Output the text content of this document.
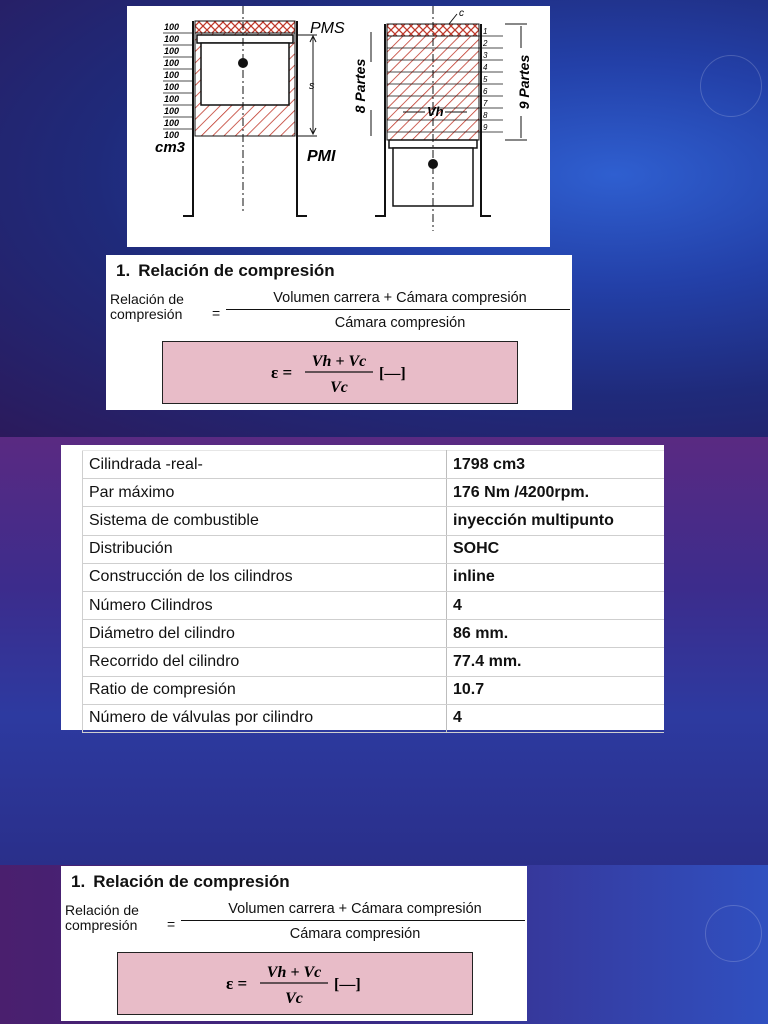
100
100
100
100
100
100
100
100
100
100
s
PMS
PMI
cm3
8 Partes	Vh
c
1
2
3
4
5
6
7
8
9
9 Partes
1. Relación de compresión
Relación de
compresión =
Volumen carrera + Cámara compresión
Cámara compresión
ε =
Vh + Vc
Vc
[—]
Cilindrada -real-	1798 cm3
Par máximo	176 Nm /4200rpm.
Sistema de combustible	inyección multipunto
Distribución	SOHC
Construcción de los cilindros	inline
Número Cilindros	4
Diámetro del cilindro	86 mm.
Recorrido del cilindro	77.4 mm.
Ratio de compresión	10.7
Número de válvulas por cilindro	4
1. Relación de compresión
Relación de
compresión =
Volumen carrera + Cámara compresión
Cámara compresión
ε =
Vh + Vc
Vc
[—]
